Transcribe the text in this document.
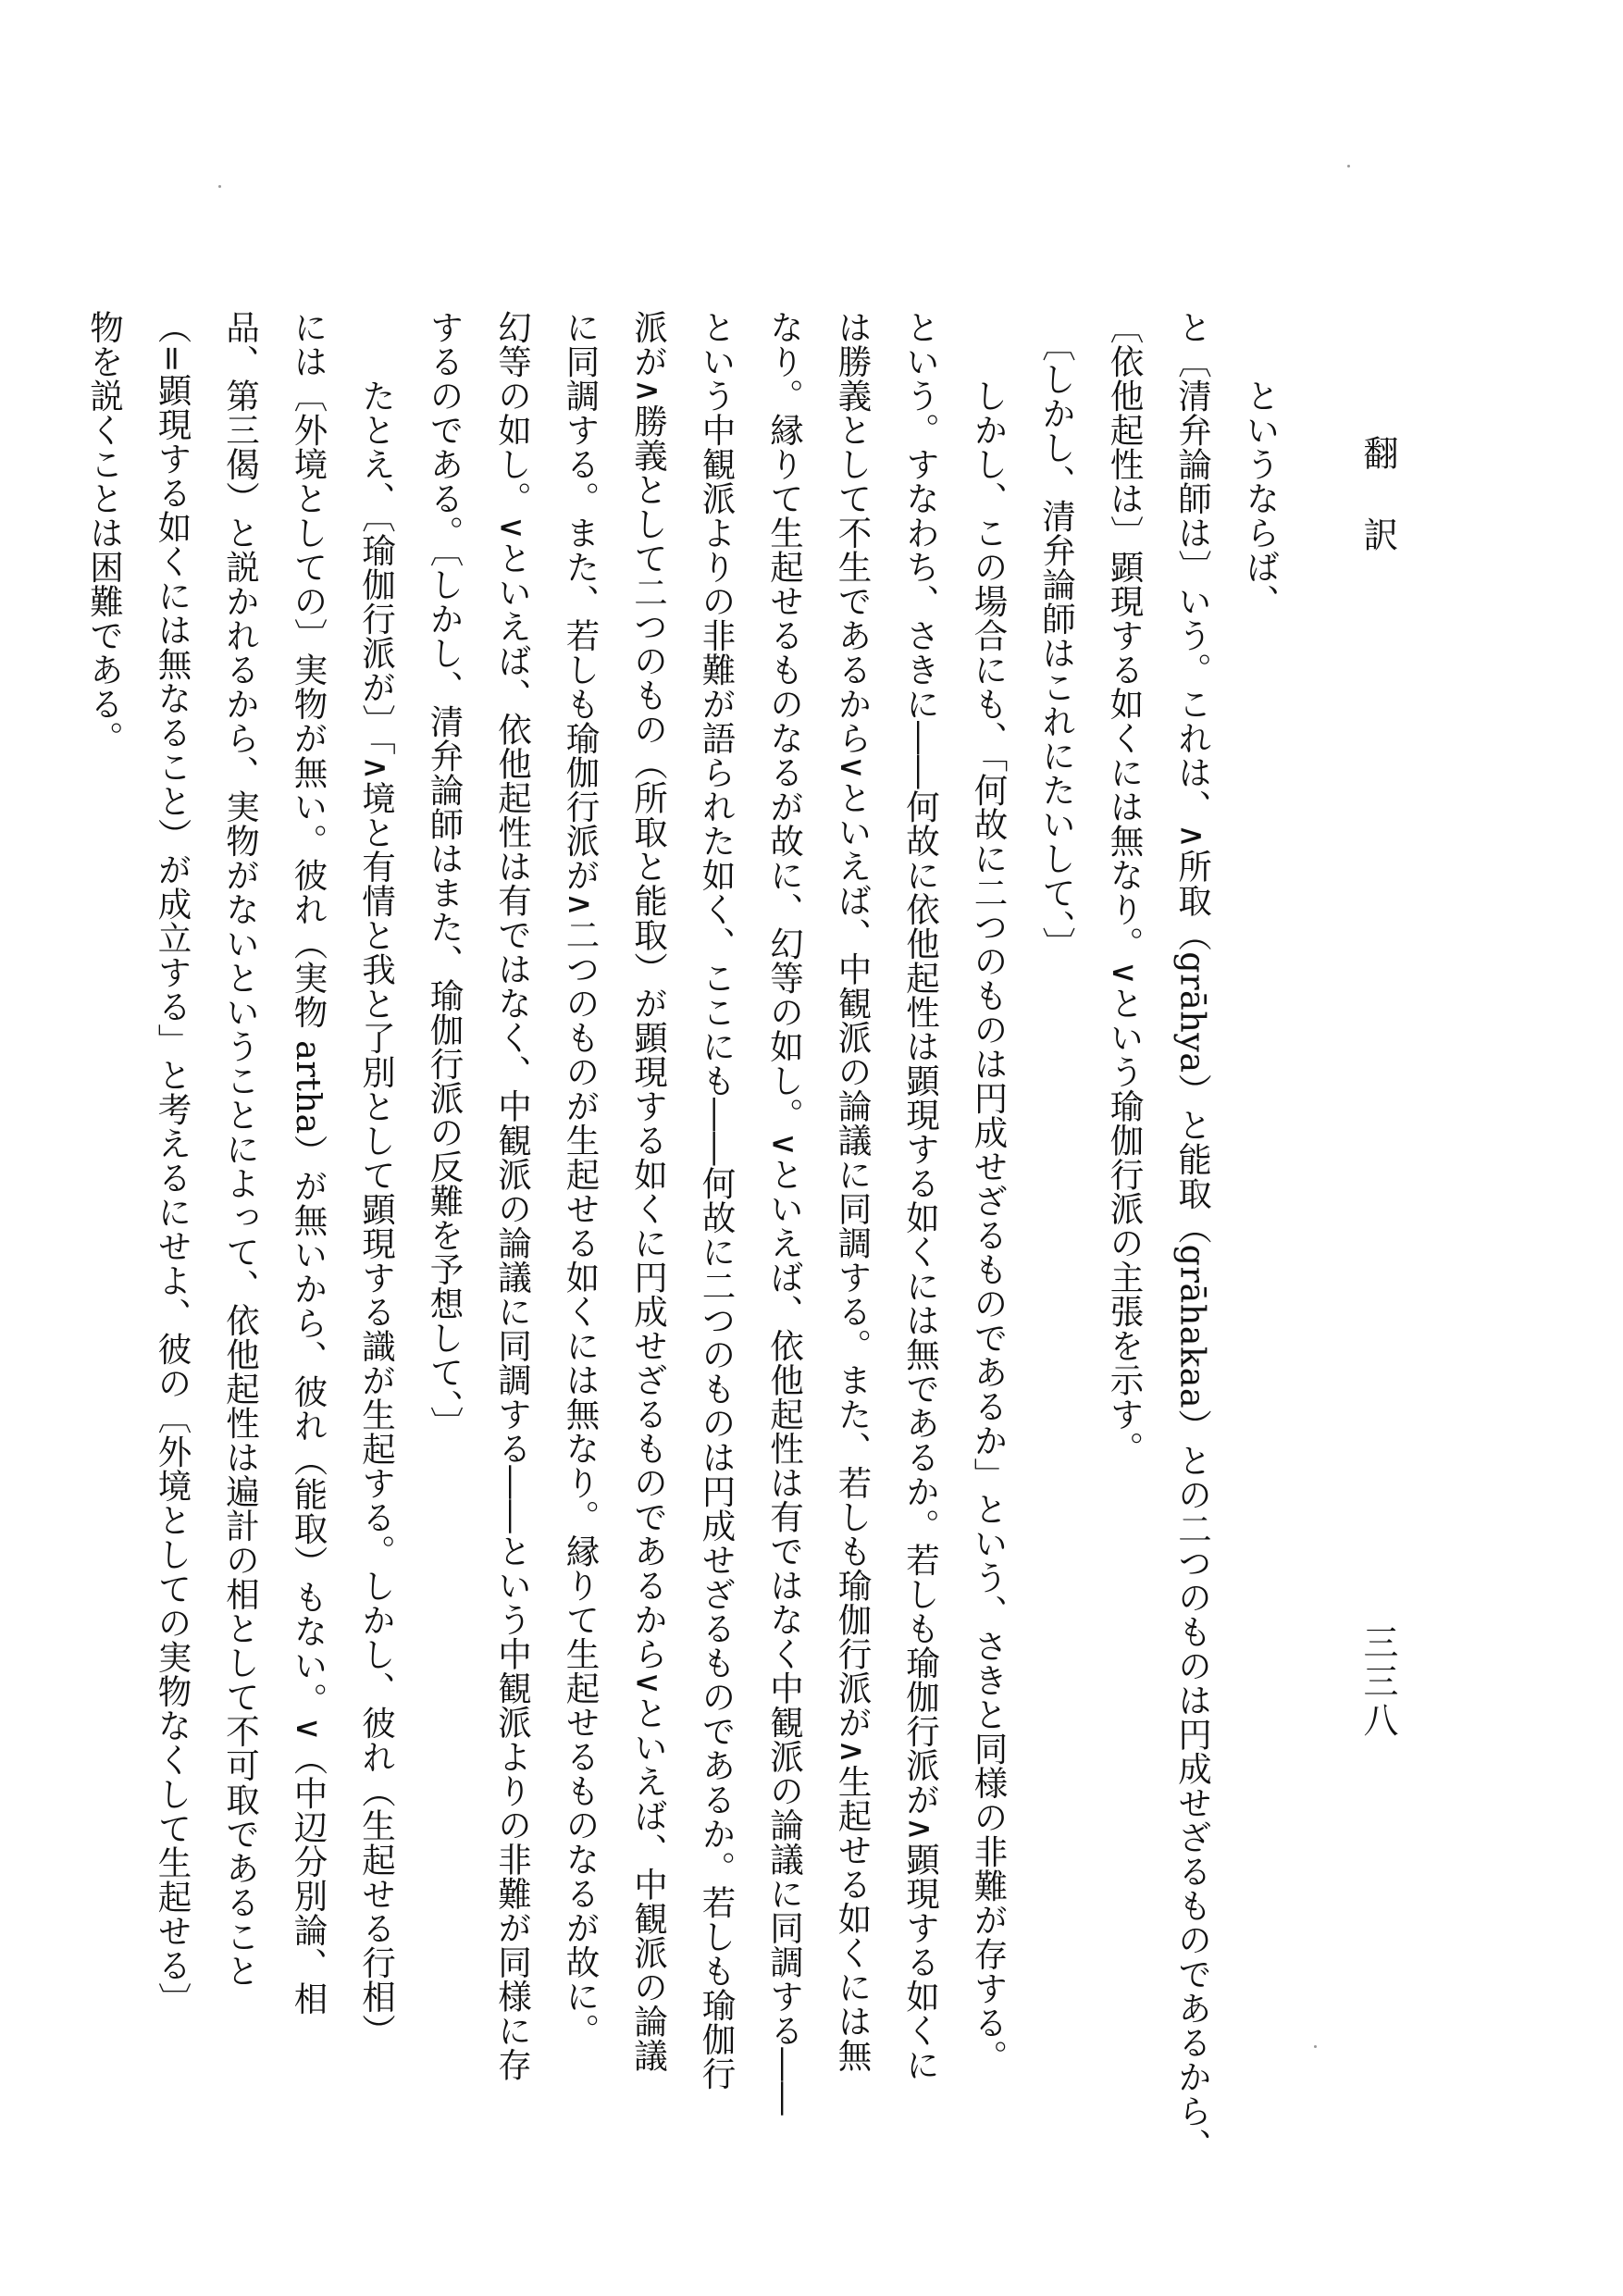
翻訳
三三八

　　というならば、

と〔清弁論師は〕いう。これは、∧所取（grāhya）と能取（grāhakaa）との二つのものは円成せざるものであるから、

〔依他起性は〕顕現する如くには無なり。∨という瑜伽行派の主張を示す。

　〔しかし、清弁論師はこれにたいして、〕

　　しかし、この場合にも、「何故に二つのものは円成せざるものであるか」という、さきと同様の非難が存する。

という。すなわち、さきに――何故に依他起性は顕現する如くには無であるか。若しも瑜伽行派が∧顕現する如くに

は勝義として不生であるから∨といえば、中観派の論議に同調する。また、若しも瑜伽行派が∧生起せる如くには無

なり。縁りて生起せるものなるが故に、幻等の如し。∨といえば、依他起性は有ではなく中観派の論議に同調する――

という中観派よりの非難が語られた如く、ここにも――何故に二つのものは円成せざるものであるか。若しも瑜伽行

派が∧勝義として二つのもの（所取と能取）が顕現する如くに円成せざるものであるから∨といえば、中観派の論議

に同調する。また、若しも瑜伽行派が∧二つのものが生起せる如くには無なり。縁りて生起せるものなるが故に。

幻等の如し。∨といえば、依他起性は有ではなく、中観派の論議に同調する――という中観派よりの非難が同様に存

するのである。〔しかし、清弁論師はまた、瑜伽行派の反難を予想して、〕

　　たとえ、〔瑜伽行派が〕「∧境と有情と我と了別として顕現する識が生起する。しかし、彼れ（生起せる行相）

には〔外境としての〕実物が無い。彼れ（実物 artha）が無いから、彼れ（能取）もない。∨（中辺分別論、相

品、第三偈）と説かれるから、実物がないということによって、依他起性は遍計の相として不可取であること

（=顕現する如くには無なること）が成立する」と考えるにせよ、彼の〔外境としての実物なくして生起せる〕

物を説くことは困難である。
